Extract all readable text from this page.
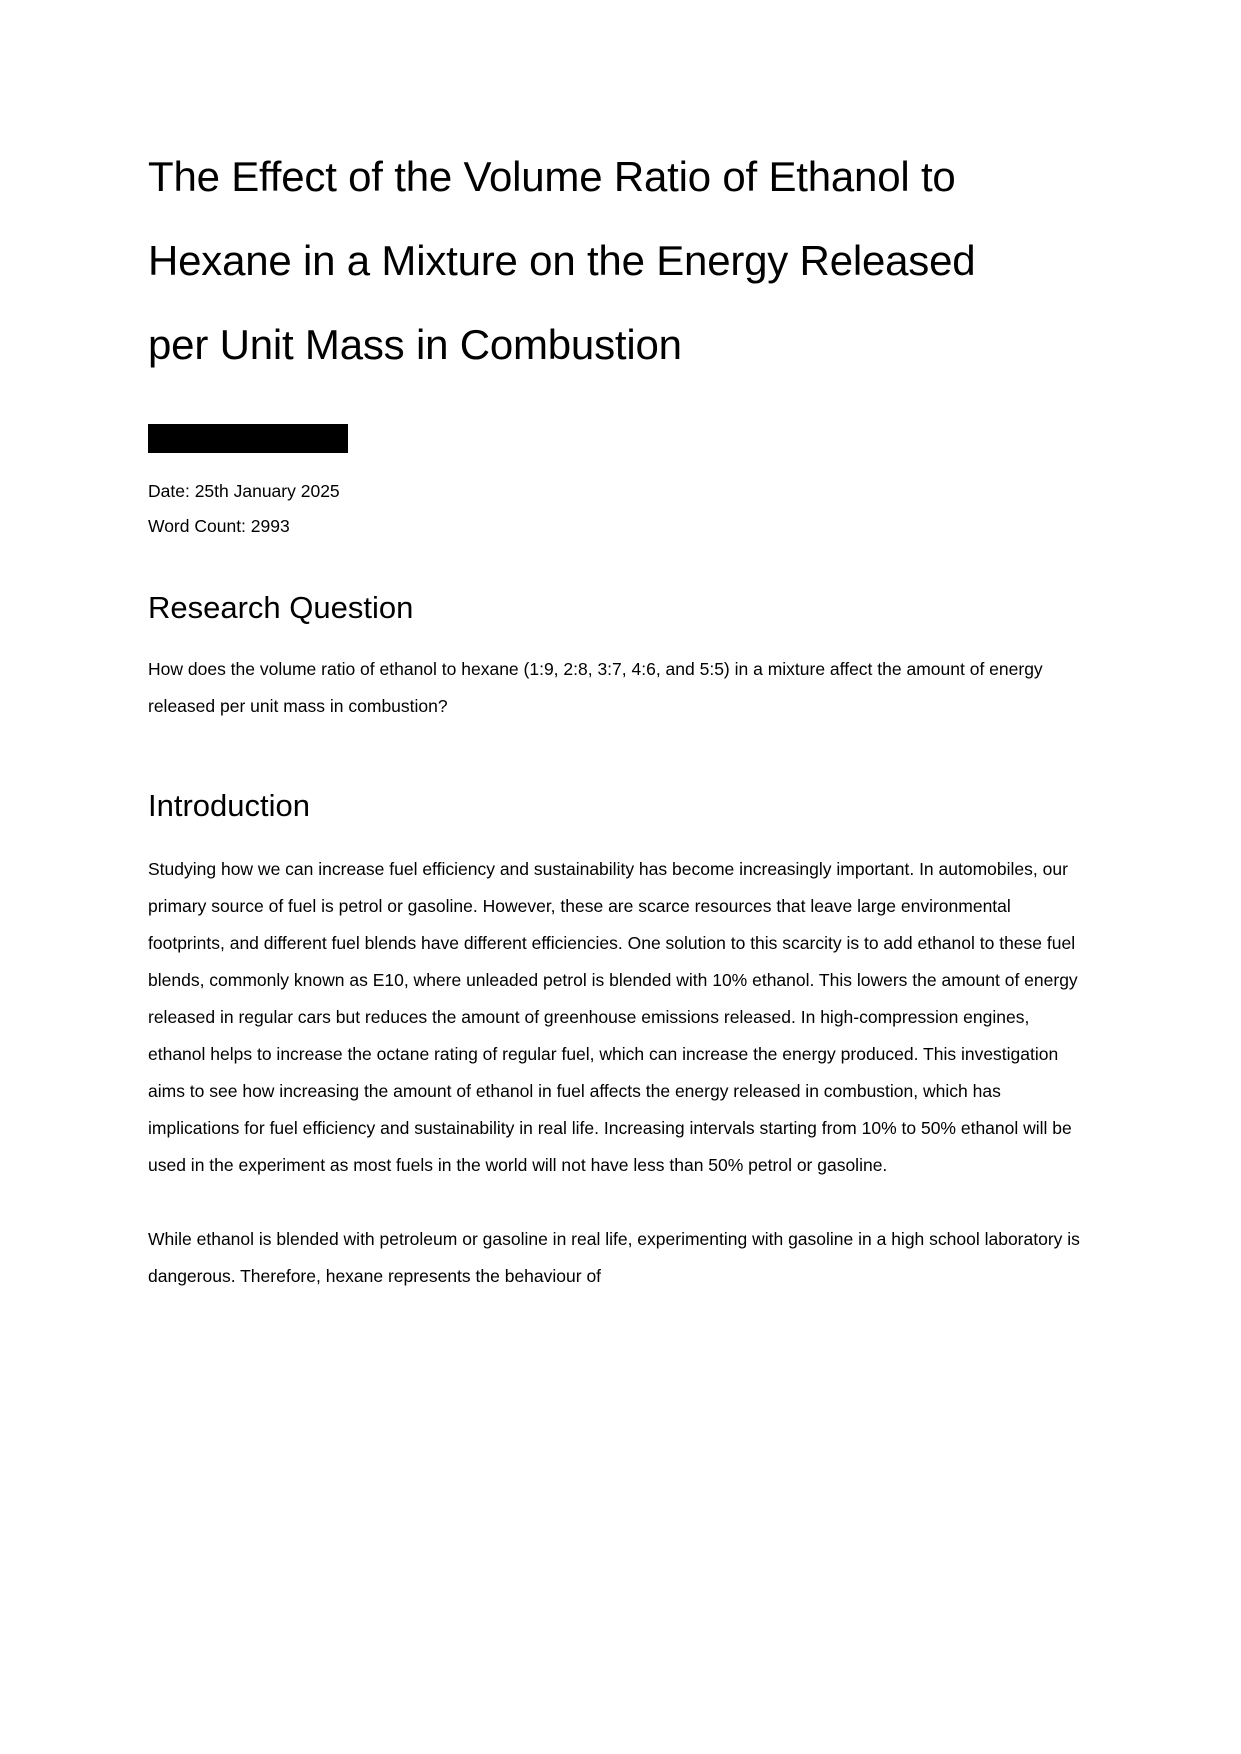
The Effect of the Volume Ratio of Ethanol to Hexane in a Mixture on the Energy Released per Unit Mass in Combustion
Date: 25th January 2025
Word Count: 2993
Research Question

How does the volume ratio of ethanol to hexane (1:9, 2:8, 3:7, 4:6, and 5:5) in a mixture affect the amount of energy released per unit mass in combustion?

Introduction

Studying how we can increase fuel efficiency and sustainability has become increasingly important. In automobiles, our primary source of fuel is petrol or gasoline. However, these are scarce resources that leave large environmental footprints, and different fuel blends have different efficiencies. One solution to this scarcity is to add ethanol to these fuel blends, commonly known as E10, where unleaded petrol is blended with 10% ethanol. This lowers the amount of energy released in regular cars but reduces the amount of greenhouse emissions released. In high-compression engines, ethanol helps to increase the octane rating of regular fuel, which can increase the energy produced. This investigation aims to see how increasing the amount of ethanol in fuel affects the energy released in combustion, which has implications for fuel efficiency and sustainability in real life. Increasing intervals starting from 10% to 50% ethanol will be used in the experiment as most fuels in the world will not have less than 50% petrol or gasoline.

While ethanol is blended with petroleum or gasoline in real life, experimenting with gasoline in a high school laboratory is dangerous. Therefore, hexane represents the behaviour of
